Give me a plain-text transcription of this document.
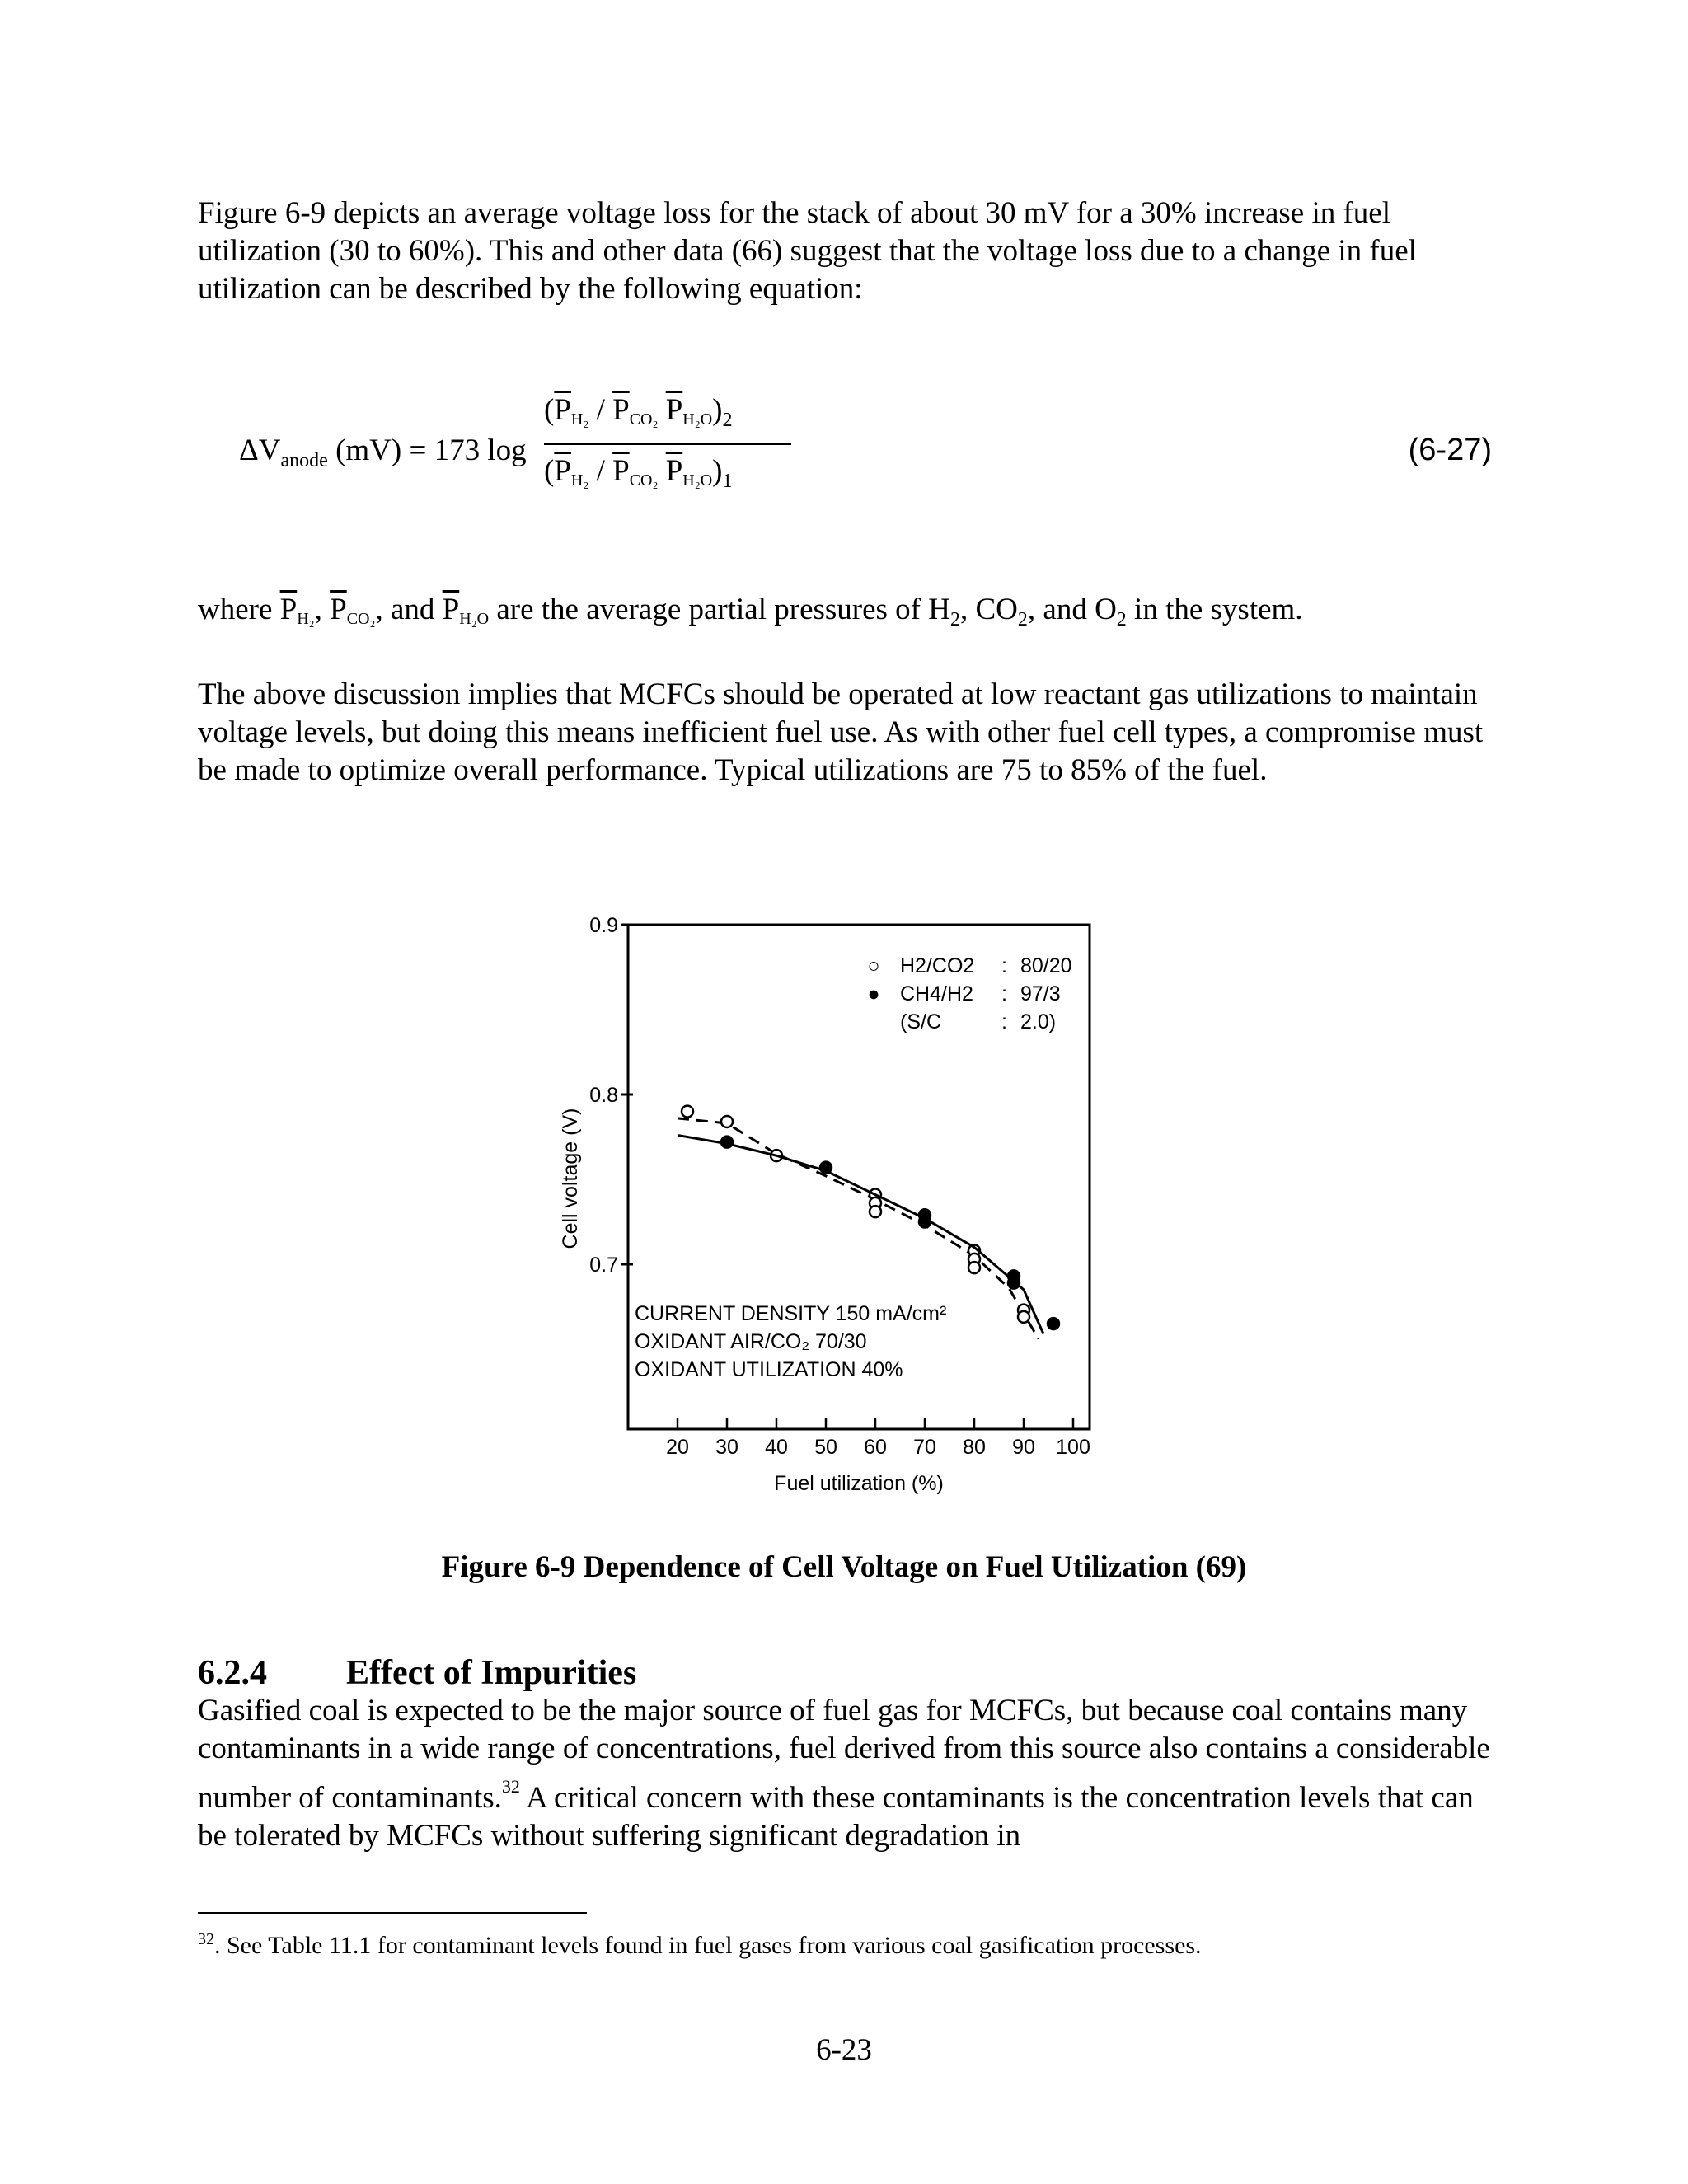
Figure 6-9 depicts an average voltage loss for the stack of about 30 mV for a 30% increase in fuel utilization (30 to 60%). This and other data (66) suggest that the voltage loss due to a change in fuel utilization can be described by the following equation:

$\Delta V_{anode}$ (mV) = 173 log
($\overline{P}H_2 / \overline{P}CO_2$ $\overline{P}H_2O)_2$
($\overline{P}H_2 / \overline{P}CO_2$ $\overline{P}H_2O)_1$
(6-27)
where $\overline{P}H_2$, $\overline{P}CO_2$, and $\overline{P}H_2O$ are the average partial pressures of $H_2$, $CO_2$, and $O_2$ in the system.

The above discussion implies that MCFCs should be operated at low reactant gas utilizations to maintain voltage levels, but doing this means inefficient fuel use. As with other fuel cell types, a compromise must be made to optimize overall performance. Typical utilizations are 75 to 85% of the fuel.

0.9
0.8
0.7
20 30 40 50 60 70 80 90 100
○ H2/CO2 : 80/20
● CH4/H2 : 97/3
(S/C	: 2.0)
CURRENT DENSITY 150 mA/cm²
OXIDANT AIR/CO₂ 70/30
OXIDANT UTILIZATION 40%
Fuel utilization (%)
Cell voltage (V)
Figure 6-9 Dependence of Cell Voltage on Fuel Utilization (69)
6.2.4 Effect of Impurities

Gasified coal is expected to be the major source of fuel gas for MCFCs, but because coal contains many contaminants in a wide range of concentrations, fuel derived from this source also contains a considerable number of contaminants.$^{32}$ A critical concern with these contaminants is the concentration levels that can be tolerated by MCFCs without suffering significant degradation in

$^{32}$. See Table 11.1 for contaminant levels found in fuel gases from various coal gasification processes.
6-23
